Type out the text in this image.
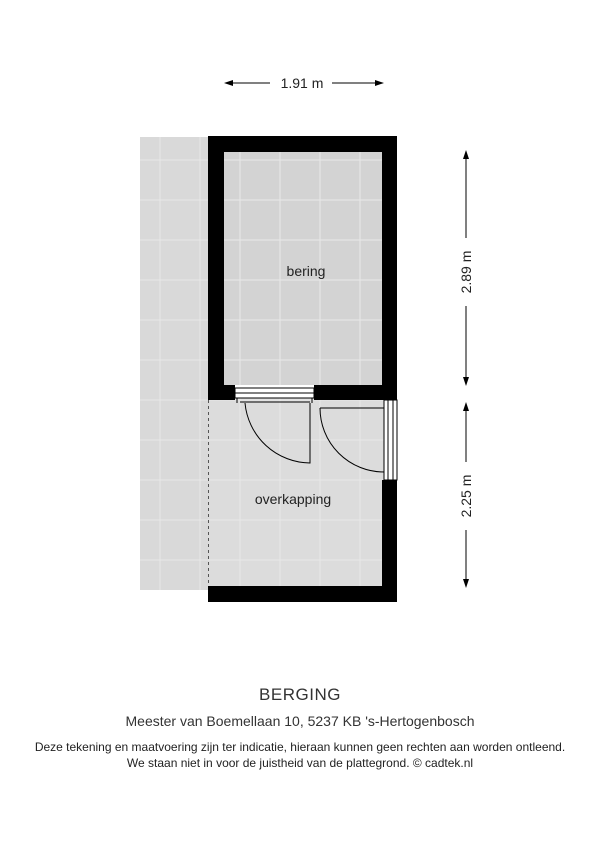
bering
overkapping
1.91 m
2.89 m
2.25 m
BERGING
Meester van Boemellaan 10, 5237 KB 's-Hertogenbosch
Deze tekening en maatvoering zijn ter indicatie, hieraan kunnen geen rechten aan worden ontleend.
We staan niet in voor de juistheid van de plattegrond. © cadtek.nl
